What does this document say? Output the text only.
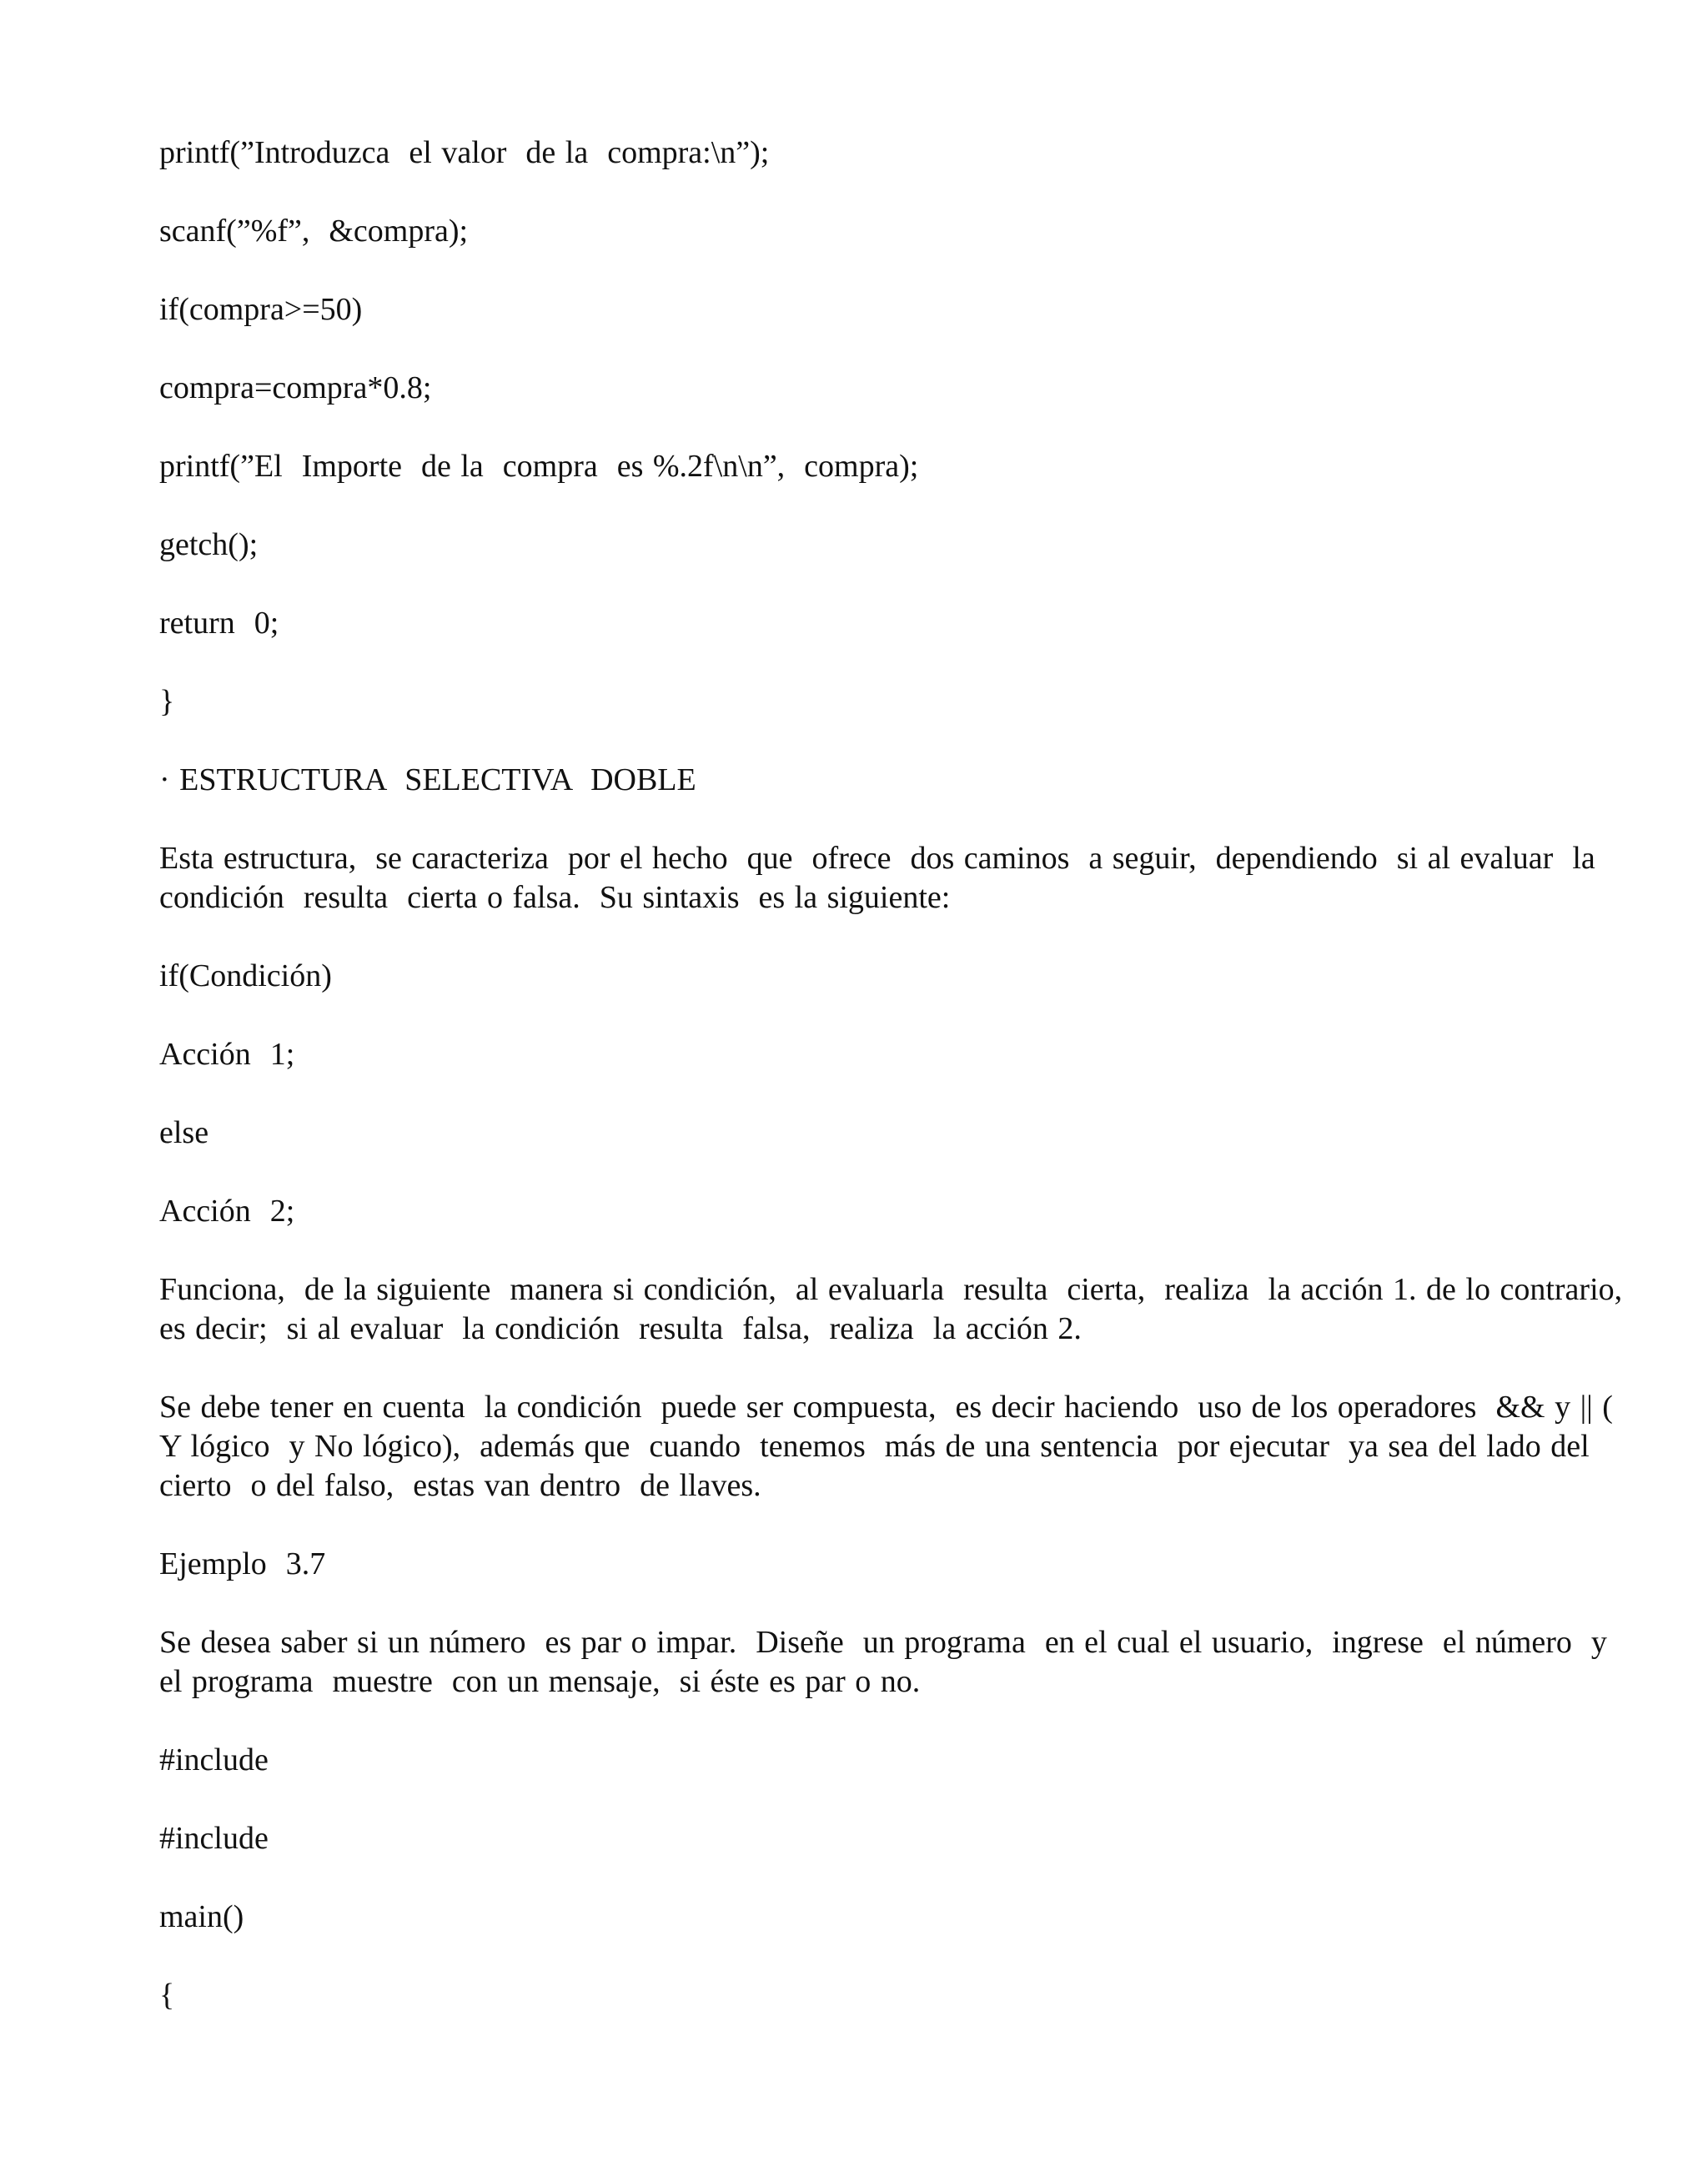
printf(”Introduzca  el valor  de la  compra:\n”);

scanf(”%f”,  &compra);

if(compra>=50)

compra=compra*0.8;

printf(”El  Importe  de la  compra  es %.2f\n\n”,  compra);

getch();

return  0;

}

· ESTRUCTURA  SELECTIVA  DOBLE

Esta estructura,  se caracteriza  por el hecho  que  ofrece  dos caminos  a seguir,  dependiendo  si al evaluar  la condición  resulta  cierta o falsa.  Su sintaxis  es la siguiente:

if(Condición)

Acción  1;

else

Acción  2;

Funciona,  de la siguiente  manera si condición,  al evaluarla  resulta  cierta,  realiza  la acción 1. de lo contrario, es decir;  si al evaluar  la condición  resulta  falsa,  realiza  la acción 2.

Se debe tener en cuenta  la condición  puede ser compuesta,  es decir haciendo  uso de los operadores  && y || ( Y lógico  y No lógico),  además que  cuando  tenemos  más de una sentencia  por ejecutar  ya sea del lado del cierto  o del falso,  estas van dentro  de llaves.

Ejemplo  3.7

Se desea saber si un número  es par o impar.  Diseñe  un programa  en el cual el usuario,  ingrese  el número  y el programa  muestre  con un mensaje,  si éste es par o no.

#include

#include

main()

{
